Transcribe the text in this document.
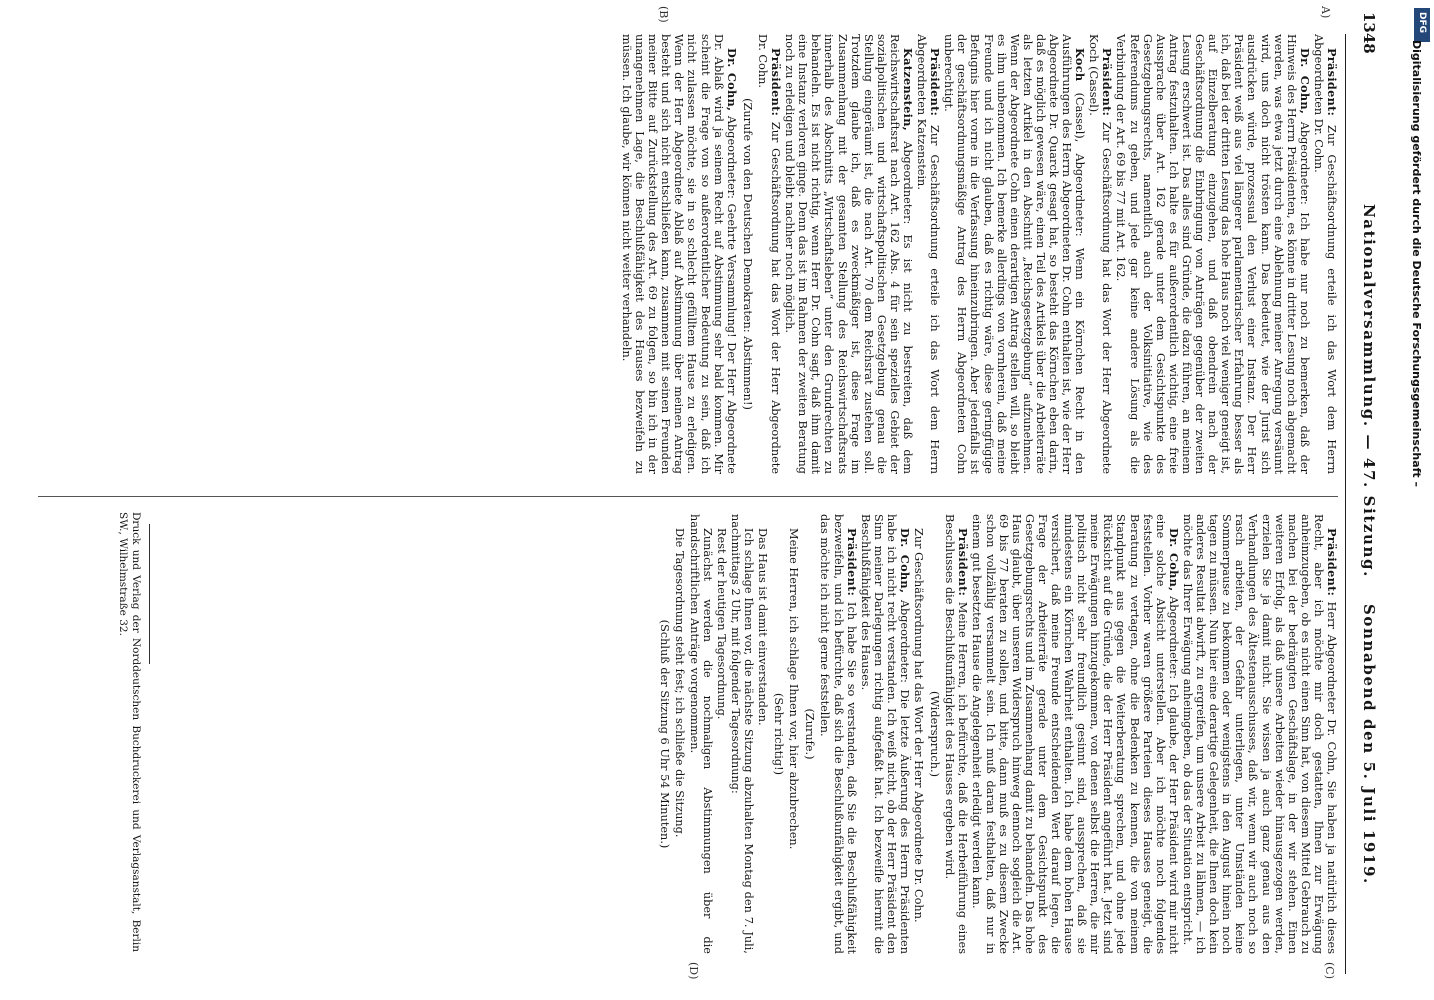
1348
Nationalversammlung. — 47. Sitzung.
Sonnabend den 5. Juli 1919.
A)
(B)
(C)
(D)

Präsident: Zur Geschäftsordnung erteile ich das Wort dem Herrn Abgeordneten Dr. Cohn.

Dr. Cohn, Abgeordneter: Ich habe nur noch zu bemerken, daß der Hinweis des Herrn Präsidenten, es könne in dritter Lesung noch abgemacht werden, was etwa jetzt durch eine Ablehnung meiner Anregung versäumt wird, uns doch nicht trösten kann. Das bedeutet, wie der Jurist sich ausdrücken würde, prozessual den Verlust einer Instanz. Der Herr Präsident weiß aus viel längerer parlamentarischer Erfahrung besser als ich, daß bei der dritten Lesung das hohe Haus noch viel weniger geneigt ist, auf Einzelberatung einzugehen, und daß obendrein nach der Geschäftsordnung die Einbringung von Anträgen gegenüber der zweiten Lesung erschwert ist. Das alles sind Gründe, die dazu führen, an meinem Antrag festzuhalten. Ich halte es für außerordentlich wichtig, eine freie Aussprache über Art. 162 gerade unter dem Gesichtspunkte des Gesetzgebungsrechts, namentlich auch der Volksinitiative, wie des Referendums zu geben, und jede gar keine andere Lösung als die Verbindung der Art. 69 bis 77 mit Art. 162.

Präsident: Zur Geschäftsordnung hat das Wort der Herr Abgeordnete Koch (Cassel).

Koch (Cassel), Abgeordneter: Wenn ein Körnchen Recht in den Ausführungen des Herrn Abgeordneten Dr. Cohn enthalten ist, wie der Herr Abgeordnete Dr. Quarck gesagt hat, so besteht das Körnchen eben darin, daß es möglich gewesen wäre, einen Teil des Artikels über die Arbeiterräte als letzten Artikel in den Abschnitt „Reichsgesetzgebung“ aufzunehmen. Wenn der Abgeordnete Cohn einen derartigen Antrag stellen will, so bleibt es ihm unbenommen. Ich bemerke allerdings von vornherein, daß meine Freunde und ich nicht glauben, daß es richtig wäre, diese geringfügige Befugnis hier vorne in die Verfassung hineinzubringen. Aber jedenfalls ist der geschäftsordnungsmäßige Antrag des Herrn Abgeordneten Cohn unberechtigt.

Präsident: Zur Geschäftsordnung erteile ich das Wort dem Herrn Abgeordneten Katzenstein.

Katzenstein, Abgeordneter: Es ist nicht zu bestreiten, daß dem Reichswirtschaftsrat nach Art. 162 Abs. 4 für sein spezielles Gebiet der sozialpolitischen und wirtschaftspolitischen Gesetzgebung genau die Stellung eingeräumt ist, die nach Art. 70 dem Reichsrat zustehen soll. Trotzdem glaube ich, daß es zweckmäßiger ist, diese Frage im Zusammenhang mit der gesamten Stellung des Reichswirtschaftsrats innerhalb des Abschnitts „Wirtschaftsleben“ unter den Grundrechten zu behandeln. Es ist nicht richtig, wenn Herr Dr. Cohn sagt, daß ihm damit eine Instanz verloren ginge. Denn das ist im Rahmen der zweiten Beratung noch zu erledigen und bleibt nachher noch möglich.

Präsident: Zur Geschäftsordnung hat das Wort der Herr Abgeordnete Dr. Cohn.

(Zurufe von den Deutschen Demokraten: Abstimmen!)

Dr. Cohn, Abgeordneter: Geehrte Versammlung! Der Herr Abgeordnete Dr. Ablaß wird ja seinem Recht auf Abstimmung sehr bald kommen. Mir scheint die Frage von so außerordentlicher Bedeutung zu sein, daß ich nicht zulassen möchte, sie in so schlecht gefülltem Hause zu erledigen. Wenn der Herr Abgeordnete Ablaß auf Abstimmung über meinen Antrag besteht und sich nicht entschließen kann, zusammen mit seinen Freunden meiner Bitte auf Zurückstellung des Art. 69 zu folgen, so bin ich in der unangenehmen Lage, die Beschlußfähigkeit des Hauses bezweifeln zu müssen. Ich glaube, wir können nicht weiter verhandeln.

Präsident: Herr Abgeordneter Dr. Cohn, Sie haben ja natürlich dieses Recht, aber ich möchte mir doch gestatten, Ihnen zur Erwägung anheimzugeben, ob es nicht einen Sinn hat, von diesem Mittel Gebrauch zu machen bei der bedrängten Geschäftslage, in der wir stehen. Einen weiteren Erfolg, als daß unsere Arbeiten wieder hinausgezogen werden, erzielen Sie ja damit nicht. Sie wissen ja auch ganz genau aus den Verhandlungen des Ältestenausschusses, daß wir, wenn wir auch noch so rasch arbeiten, der Gefahr unterliegen, unter Umständen keine Sommerpause zu bekommen oder wenigstens in den August hinein noch tagen zu müssen. Nun hier eine derartige Gelegenheit, die Ihnen doch kein anderes Resultat abwirft, zu ergreifen, um unsere Arbeit zu lähmen, — ich möchte das Ihrer Erwägung anheimgeben, ob das der Situation entspricht.

Dr. Cohn, Abgeordneter: Ich glaube, der Herr Präsident wird mir nicht eine solche Absicht unterstellen. Aber ich möchte noch folgendes feststellen. Vorher waren größere Parteien dieses Hauses geneigt, die Beratung zu vertagen, ohne die Bedenken zu kennen, die von meinem Standpunkt aus gegen die Weiterberatung sprechen, und ohne jede Rücksicht auf die Gründe, die der Herr Präsident angeführt hat. Jetzt sind meine Erwägungen hinzugekommen, von denen selbst die Herren, die mir politisch nicht sehr freundlich gesinnt sind, aussprechen, daß sie mindestens ein Körnchen Wahrheit enthalten. Ich habe dem hohen Hause versichert, daß meine Freunde entscheidenden Wert darauf legen, die Frage der Arbeiterräte gerade unter dem Gesichtspunkt des Gesetzgebungsrechts und im Zusammenhang damit zu behandeln. Das hohe Haus glaubt, über unseren Widerspruch hinweg dennoch sogleich die Art. 69 bis 77 beraten zu sollen, und bitte, dann muß es zu diesem Zwecke schon vollzählig versammelt sein. Ich muß daran festhalten, daß nur in einem gut besetzten Hause die Angelegenheit erledigt werden kann.

Präsident: Meine Herren, ich befürchte, daß die Herbeiführung eines Beschlusses die Beschlußunfähigkeit des Hauses ergeben wird.

(Widerspruch.)

Zur Geschäftsordnung hat das Wort der Herr Abgeordnete Dr. Cohn.

Dr. Cohn, Abgeordneter: Die letzte Äußerung des Herrn Präsidenten habe ich nicht recht verstanden. Ich weiß nicht, ob der Herr Präsident den Sinn meiner Darlegungen richtig aufgefaßt hat. Ich bezweifle hiermit die Beschlußfähigkeit des Hauses.

Präsident: Ich habe Sie so verstanden, daß Sie die Beschlußfähigkeit bezweifeln, und ich befürchte, daß sich die Beschlußunfähigkeit ergibt, und das möchte ich nicht gerne feststellen.

(Zurufe.)

Meine Herren, ich schlage Ihnen vor, hier abzubrechen.

(Sehr richtig!)

Das Haus ist damit einverstanden.

Ich schlage Ihnen vor, die nächste Sitzung abzuhalten Montag den 7. Juli, nachmittags 2 Uhr, mit folgender Tagesordnung:

Rest der heutigen Tagesordnung.

Zunächst werden die nochmaligen Abstimmungen über die handschriftlichen Anträge vorgenommen.

Die Tagesordnung steht fest; ich schließe die Sitzung.

(Schluß der Sitzung 6 Uhr 54 Minuten.)

Druck und Verlag der Norddeutschen Buchdruckerei und Verlagsanstalt, Berlin SW., Wilhelmstraße 32.
DFG
Digitalisierung gefördert durch die Deutsche Forschungsgemeinschaft –
